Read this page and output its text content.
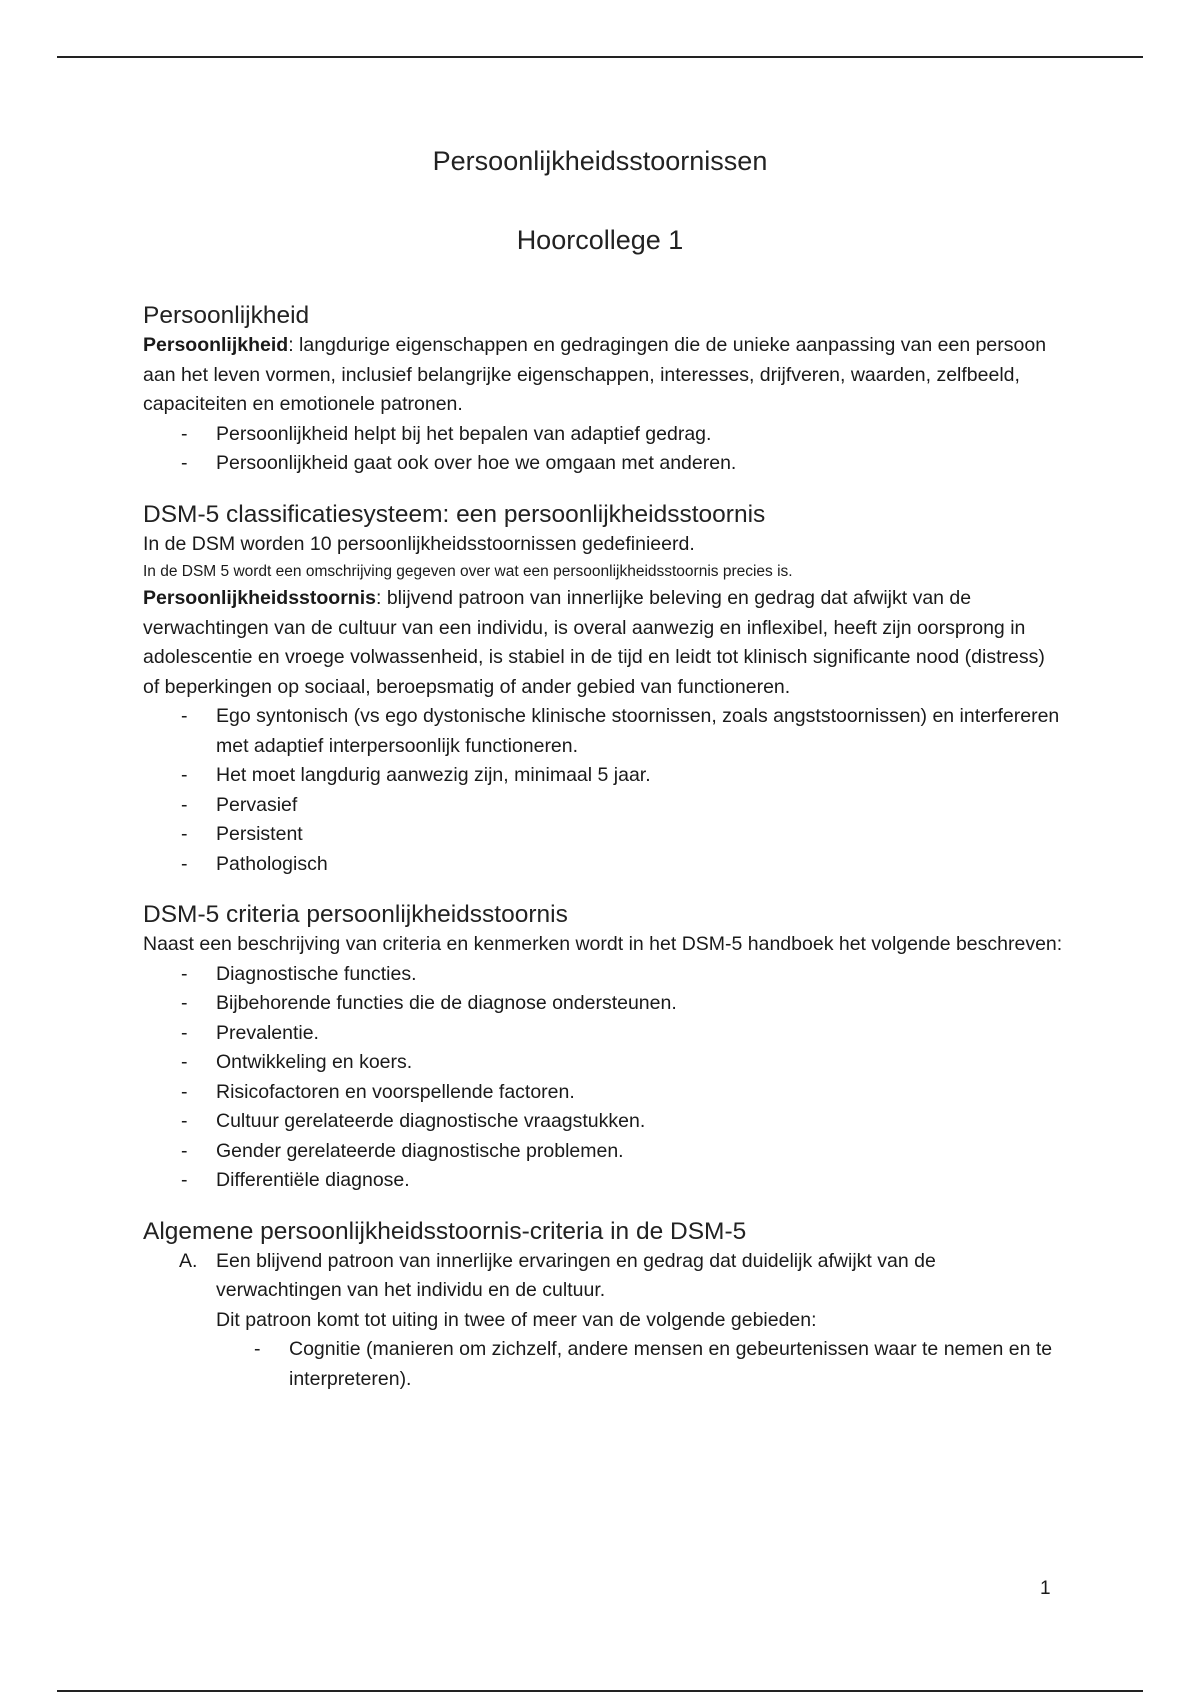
Persoonlijkheidsstoornissen
Hoorcollege 1
Persoonlijkheid

Persoonlijkheid: langdurige eigenschappen en gedragingen die de unieke aanpassing van een persoon aan het leven vormen, inclusief belangrijke eigenschappen, interesses, drijfveren, waarden, zelfbeeld, capaciteiten en emotionele patronen.

- Persoonlijkheid helpt bij het bepalen van adaptief gedrag.
- Persoonlijkheid gaat ook over hoe we omgaan met anderen.
DSM-5 classificatiesysteem: een persoonlijkheidsstoornis

In de DSM worden 10 persoonlijkheidsstoornissen gedefinieerd.

In de DSM 5 wordt een omschrijving gegeven over wat een persoonlijkheidsstoornis precies is.

Persoonlijkheidsstoornis: blijvend patroon van innerlijke beleving en gedrag dat afwijkt van de verwachtingen van de cultuur van een individu, is overal aanwezig en inflexibel, heeft zijn oorsprong in adolescentie en vroege volwassenheid, is stabiel in de tijd en leidt tot klinisch significante nood (distress) of beperkingen op sociaal, beroepsmatig of ander gebied van functioneren.

- Ego syntonisch (vs ego dystonische klinische stoornissen, zoals angststoornissen) en interfereren met adaptief interpersoonlijk functioneren.
- Het moet langdurig aanwezig zijn, minimaal 5 jaar.
- Pervasief
- Persistent
- Pathologisch
DSM-5 criteria persoonlijkheidsstoornis

Naast een beschrijving van criteria en kenmerken wordt in het DSM-5 handboek het volgende beschreven:

- Diagnostische functies.
- Bijbehorende functies die de diagnose ondersteunen.
- Prevalentie.
- Ontwikkeling en koers.
- Risicofactoren en voorspellende factoren.
- Cultuur gerelateerde diagnostische vraagstukken.
- Gender gerelateerde diagnostische problemen.
- Differentiële diagnose.
Algemene persoonlijkheidsstoornis-criteria in de DSM-5
A. Een blijvend patroon van innerlijke ervaringen en gedrag dat duidelijk afwijkt van de verwachtingen van het individu en de cultuur.

Dit patroon komt tot uiting in twee of meer van de volgende gebieden:

- Cognitie (manieren om zichzelf, andere mensen en gebeurtenissen waar te nemen en te interpreteren).
1
